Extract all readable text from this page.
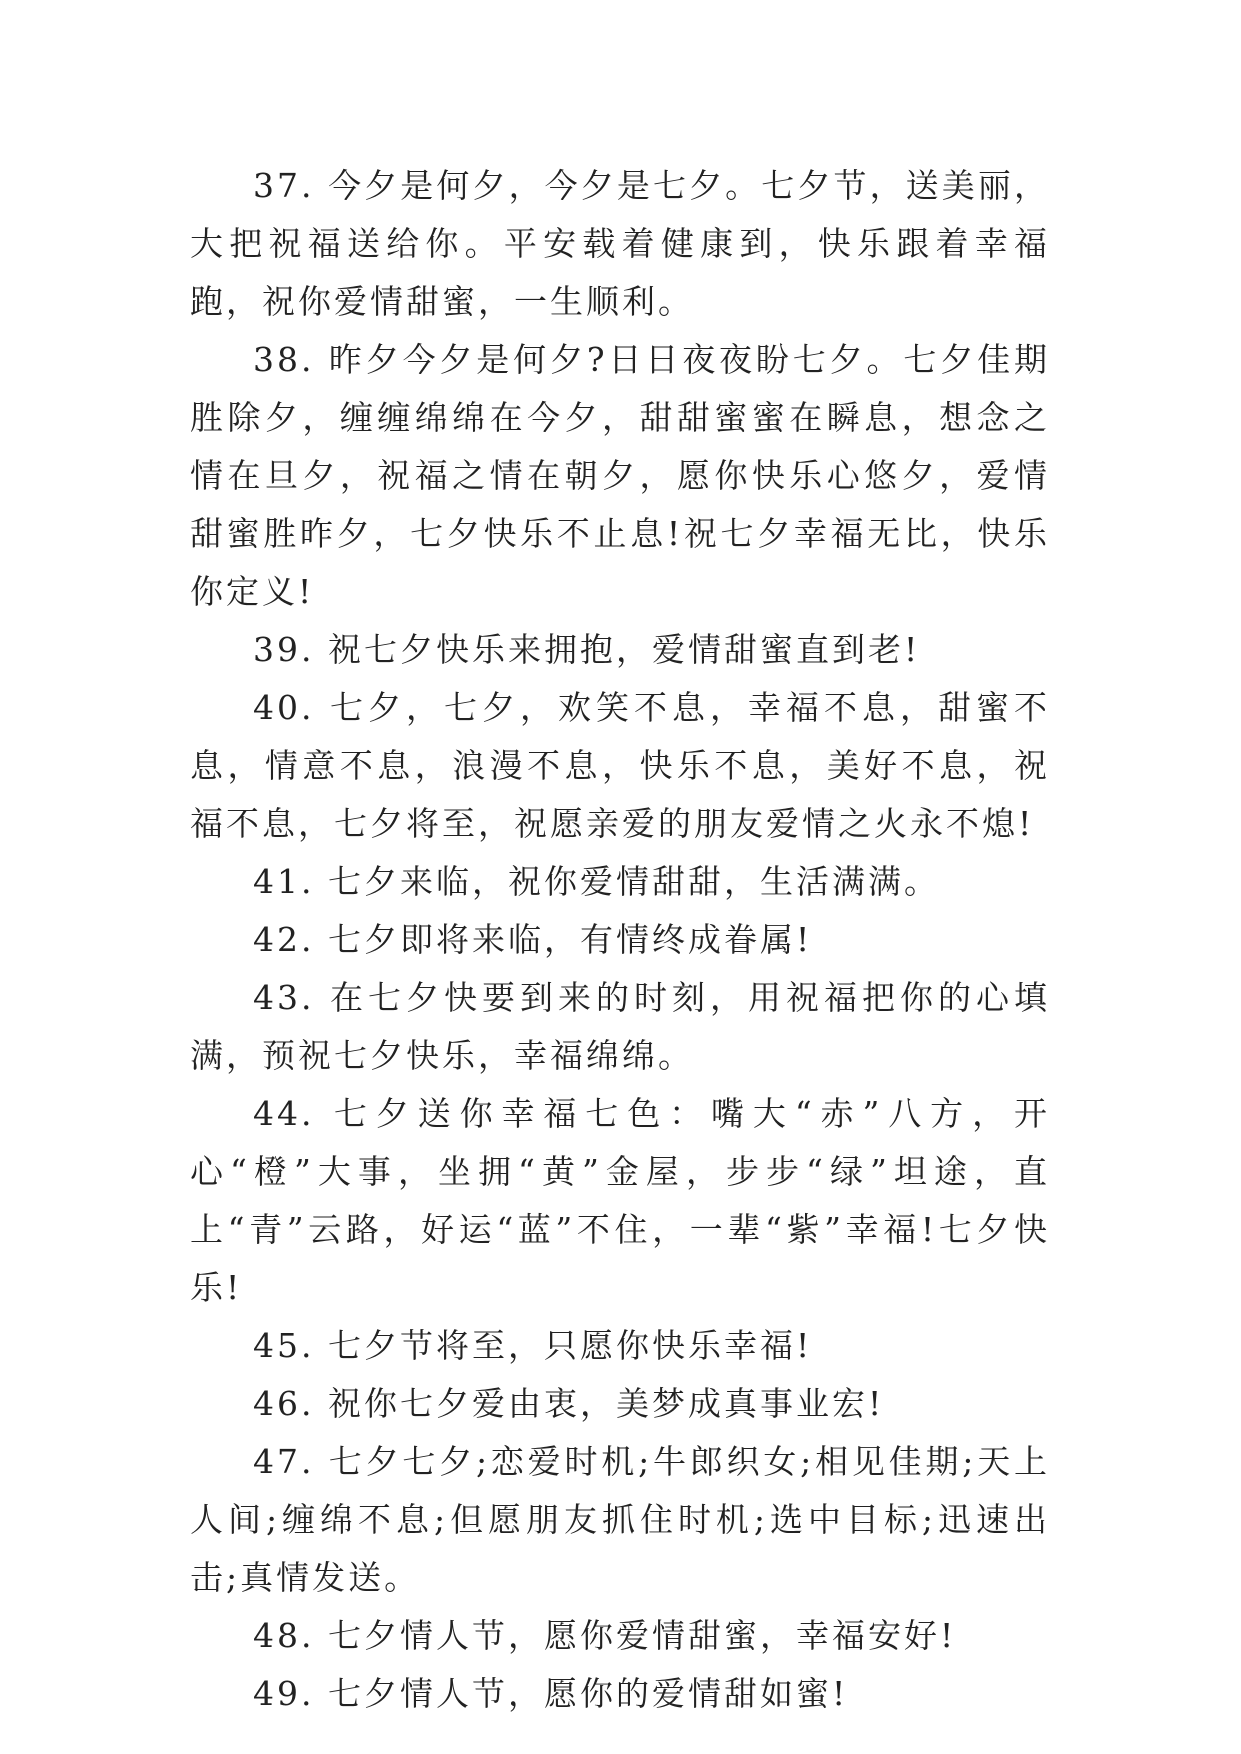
37. 今夕是何夕，今夕是七夕。七夕节，送美丽，大把祝福送给你。平安载着健康到，快乐跟着幸福跑，祝你爱情甜蜜，一生顺利。

38. 昨夕今夕是何夕?日日夜夜盼七夕。七夕佳期胜除夕，缠缠绵绵在今夕，甜甜蜜蜜在瞬息，想念之情在旦夕，祝福之情在朝夕，愿你快乐心悠夕，爱情甜蜜胜昨夕，七夕快乐不止息!祝七夕幸福无比，快乐你定义!

39. 祝七夕快乐来拥抱，爱情甜蜜直到老!

40. 七夕，七夕，欢笑不息，幸福不息，甜蜜不息，情意不息，浪漫不息，快乐不息，美好不息，祝福不息，七夕将至，祝愿亲爱的朋友爱情之火永不熄!

41. 七夕来临，祝你爱情甜甜，生活满满。

42. 七夕即将来临，有情终成眷属!

43. 在七夕快要到来的时刻，用祝福把你的心填满，预祝七夕快乐，幸福绵绵。

44. 七夕送你幸福七色：嘴大“赤”八方，开心“橙”大事，坐拥“黄”金屋，步步“绿”坦途，直上“青”云路，好运“蓝”不住，一辈“紫”幸福!七夕快乐!

45. 七夕节将至，只愿你快乐幸福!

46. 祝你七夕爱由衷，美梦成真事业宏!

47. 七夕七夕;恋爱时机;牛郎织女;相见佳期;天上人间;缠绵不息;但愿朋友抓住时机;选中目标;迅速出击;真情发送。

48. 七夕情人节，愿你爱情甜蜜，幸福安好!

49. 七夕情人节，愿你的爱情甜如蜜!
